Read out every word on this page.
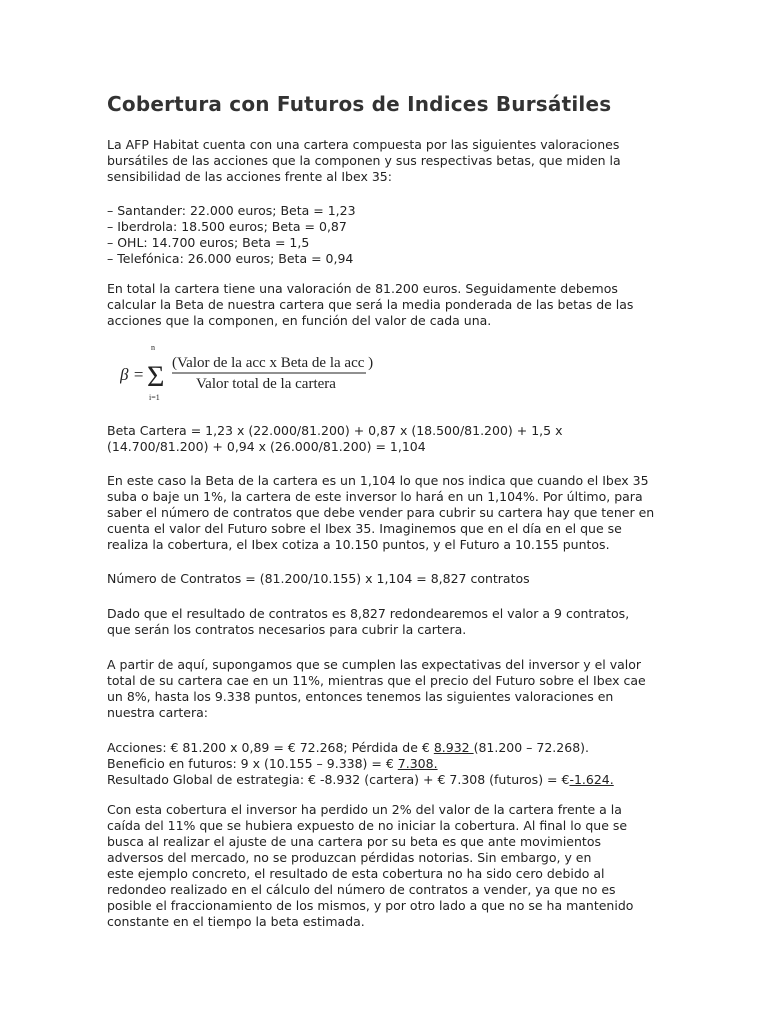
Cobertura con Futuros de Indices Bursátiles
La AFP Habitat cuenta con una cartera compuesta por las siguientes valoraciones
bursátiles de las acciones que la componen y sus respectivas betas, que miden la
sensibilidad de las acciones frente al Ibex 35:
– Santander: 22.000 euros; Beta = 1,23
– Iberdrola: 18.500 euros; Beta = 0,87
– OHL: 14.700 euros; Beta = 1,5
– Telefónica: 26.000 euros; Beta = 0,94
En total la cartera tiene una valoración de 81.200 euros. Seguidamente debemos
calcular la Beta de nuestra cartera que será la media ponderada de las betas de las
acciones que la componen, en función del valor de cada una.
β =
n
Σ
i=1
(Valor de la acc x Beta de la acc )
Valor total de la cartera
Beta Cartera = 1,23 x (22.000/81.200) + 0,87 x (18.500/81.200) + 1,5 x
(14.700/81.200) + 0,94 x (26.000/81.200) = 1,104
En este caso la Beta de la cartera es un 1,104 lo que nos indica que cuando el Ibex 35
suba o baje un 1%, la cartera de este inversor lo hará en un 1,104%. Por último, para
saber el número de contratos que debe vender para cubrir su cartera hay que tener en
cuenta el valor del Futuro sobre el Ibex 35. Imaginemos que en el día en el que se
realiza la cobertura, el Ibex cotiza a 10.150 puntos, y el Futuro a 10.155 puntos.
Número de Contratos = (81.200/10.155) x 1,104 = 8,827 contratos
Dado que el resultado de contratos es 8,827 redondearemos el valor a 9 contratos,
que serán los contratos necesarios para cubrir la cartera.
A partir de aquí, supongamos que se cumplen las expectativas del inversor y el valor
total de su cartera cae en un 11%, mientras que el precio del Futuro sobre el Ibex cae
un 8%, hasta los 9.338 puntos, entonces tenemos las siguientes valoraciones en
nuestra cartera:
Acciones: € 81.200 x 0,89 = € 72.268; Pérdida de € 8.932 (81.200 – 72.268).
Beneficio en futuros: 9 x (10.155 – 9.338) = € 7.308.
Resultado Global de estrategia: € -8.932 (cartera) + € 7.308 (futuros) = €-1.624.
Con esta cobertura el inversor ha perdido un 2% del valor de la cartera frente a la
caída del 11% que se hubiera expuesto de no iniciar la cobertura. Al final lo que se
busca al realizar el ajuste de una cartera por su beta es que ante movimientos
adversos del mercado, no se produzcan pérdidas notorias. Sin embargo, y en
este ejemplo concreto, el resultado de esta cobertura no ha sido cero debido al
redondeo realizado en el cálculo del número de contratos a vender, ya que no es
posible el fraccionamiento de los mismos, y por otro lado a que no se ha mantenido
constante en el tiempo la beta estimada.
